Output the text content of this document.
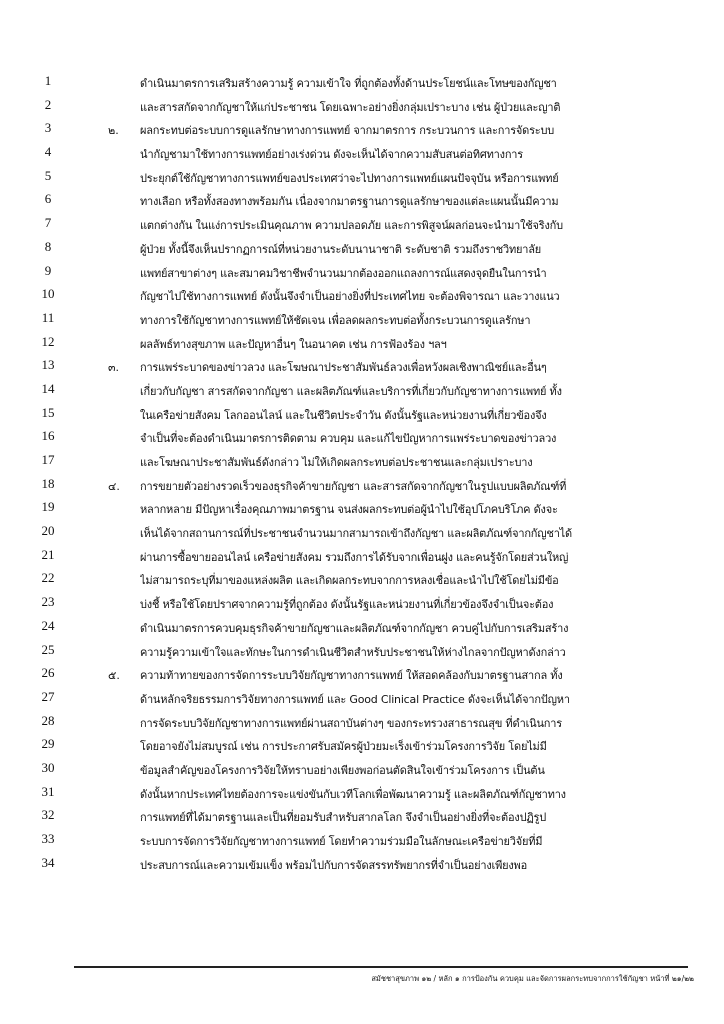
1	ดำเนินมาตรการเสริมสร้างความรู้ ความเข้าใจ ที่ถูกต้องทั้งด้านประโยชน์และโทษของกัญชา
2	และสารสกัดจากกัญชาให้แก่ประชาชน โดยเฉพาะอย่างยิ่งกลุ่มเปราะบาง เช่น ผู้ป่วยและญาติ
3	๒. ผลกระทบต่อระบบการดูแลรักษาทางการแพทย์ จากมาตรการ กระบวนการ และการจัดระบบ
4	นำกัญชามาใช้ทางการแพทย์อย่างเร่งด่วน ดังจะเห็นได้จากความสับสนต่อทิศทางการ
5	ประยุกต์ใช้กัญชาทางการแพทย์ของประเทศว่าจะไปทางการแพทย์แผนปัจจุบัน หรือการแพทย์
6	ทางเลือก หรือทั้งสองทางพร้อมกัน เนื่องจากมาตรฐานการดูแลรักษาของแต่ละแผนนั้นมีความ
7	แตกต่างกัน ในแง่การประเมินคุณภาพ ความปลอดภัย และการพิสูจน์ผลก่อนจะนำมาใช้จริงกับ
8	ผู้ป่วย ทั้งนี้จึงเห็นปรากฏการณ์ที่หน่วยงานระดับนานาชาติ ระดับชาติ รวมถึงราชวิทยาลัย
9	แพทย์สาขาต่างๆ และสมาคมวิชาชีพจำนวนมากต้องออกแถลงการณ์แสดงจุดยืนในการนำ
10	กัญชาไปใช้ทางการแพทย์ ดังนั้นจึงจำเป็นอย่างยิ่งที่ประเทศไทย จะต้องพิจารณา และวางแนว
11	ทางการใช้กัญชาทางการแพทย์ให้ชัดเจน เพื่อลดผลกระทบต่อทั้งกระบวนการดูแลรักษา
12	ผลลัพธ์ทางสุขภาพ และปัญหาอื่นๆ ในอนาคต เช่น การฟ้องร้อง ฯลฯ
13	๓. การแพร่ระบาดของข่าวลวง และโฆษณาประชาสัมพันธ์ลวงเพื่อหวังผลเชิงพาณิชย์และอื่นๆ
14	เกี่ยวกับกัญชา สารสกัดจากกัญชา และผลิตภัณฑ์และบริการที่เกี่ยวกับกัญชาทางการแพทย์ ทั้ง
15	ในเครือข่ายสังคม โลกออนไลน์ และในชีวิตประจำวัน ดังนั้นรัฐและหน่วยงานที่เกี่ยวข้องจึง
16	จำเป็นที่จะต้องดำเนินมาตรการติดตาม ควบคุม และแก้ไขปัญหาการแพร่ระบาดของข่าวลวง
17	และโฆษณาประชาสัมพันธ์ดังกล่าว ไม่ให้เกิดผลกระทบต่อประชาชนและกลุ่มเปราะบาง
18	๔. การขยายตัวอย่างรวดเร็วของธุรกิจค้าขายกัญชา และสารสกัดจากกัญชาในรูปแบบผลิตภัณฑ์ที่
19	หลากหลาย มีปัญหาเรื่องคุณภาพมาตรฐาน จนส่งผลกระทบต่อผู้นำไปใช้อุปโภคบริโภค ดังจะ
20	เห็นได้จากสถานการณ์ที่ประชาชนจำนวนมากสามารถเข้าถึงกัญชา และผลิตภัณฑ์จากกัญชาได้
21	ผ่านการซื้อขายออนไลน์ เครือข่ายสังคม รวมถึงการได้รับจากเพื่อนฝูง และคนรู้จักโดยส่วนใหญ่
22	ไม่สามารถระบุที่มาของแหล่งผลิต และเกิดผลกระทบจากการหลงเชื่อและนำไปใช้โดยไม่มีข้อ
23	บ่งชี้ หรือใช้โดยปราศจากความรู้ที่ถูกต้อง ดังนั้นรัฐและหน่วยงานที่เกี่ยวข้องจึงจำเป็นจะต้อง
24	ดำเนินมาตรการควบคุมธุรกิจค้าขายกัญชาและผลิตภัณฑ์จากกัญชา ควบคู่ไปกับการเสริมสร้าง
25	ความรู้ความเข้าใจและทักษะในการดำเนินชีวิตสำหรับประชาชนให้ห่างไกลจากปัญหาดังกล่าว
26	๕. ความท้าทายของการจัดการระบบวิจัยกัญชาทางการแพทย์ ให้สอดคล้องกับมาตรฐานสากล ทั้ง
27	ด้านหลักจริยธรรมการวิจัยทางการแพทย์ และ Good Clinical Practice ดังจะเห็นได้จากปัญหา
28	การจัดระบบวิจัยกัญชาทางการแพทย์ผ่านสถาบันต่างๆ ของกระทรวงสาธารณสุข ที่ดำเนินการ
29	โดยอาจยังไม่สมบูรณ์ เช่น การประกาศรับสมัครผู้ป่วยมะเร็งเข้าร่วมโครงการวิจัย โดยไม่มี
30	ข้อมูลสำคัญของโครงการวิจัยให้ทราบอย่างเพียงพอก่อนตัดสินใจเข้าร่วมโครงการ เป็นต้น
31	ดังนั้นหากประเทศไทยต้องการจะแข่งขันกับเวทีโลกเพื่อพัฒนาความรู้ และผลิตภัณฑ์กัญชาทาง
32	การแพทย์ที่ได้มาตรฐานและเป็นที่ยอมรับสำหรับสากลโลก จึงจำเป็นอย่างยิ่งที่จะต้องปฏิรูป
33	ระบบการจัดการวิจัยกัญชาทางการแพทย์ โดยทำความร่วมมือในลักษณะเครือข่ายวิจัยที่มี
34	ประสบการณ์และความเข้มแข็ง พร้อมไปกับการจัดสรรทรัพยากรที่จำเป็นอย่างเพียงพอ
สมัชชาสุขภาพ ๑๒ / หลัก ๑ การป้องกัน ควบคุม และจัดการผลกระทบจากการใช้กัญชา หน้าที่ ๒๑/๒๒
